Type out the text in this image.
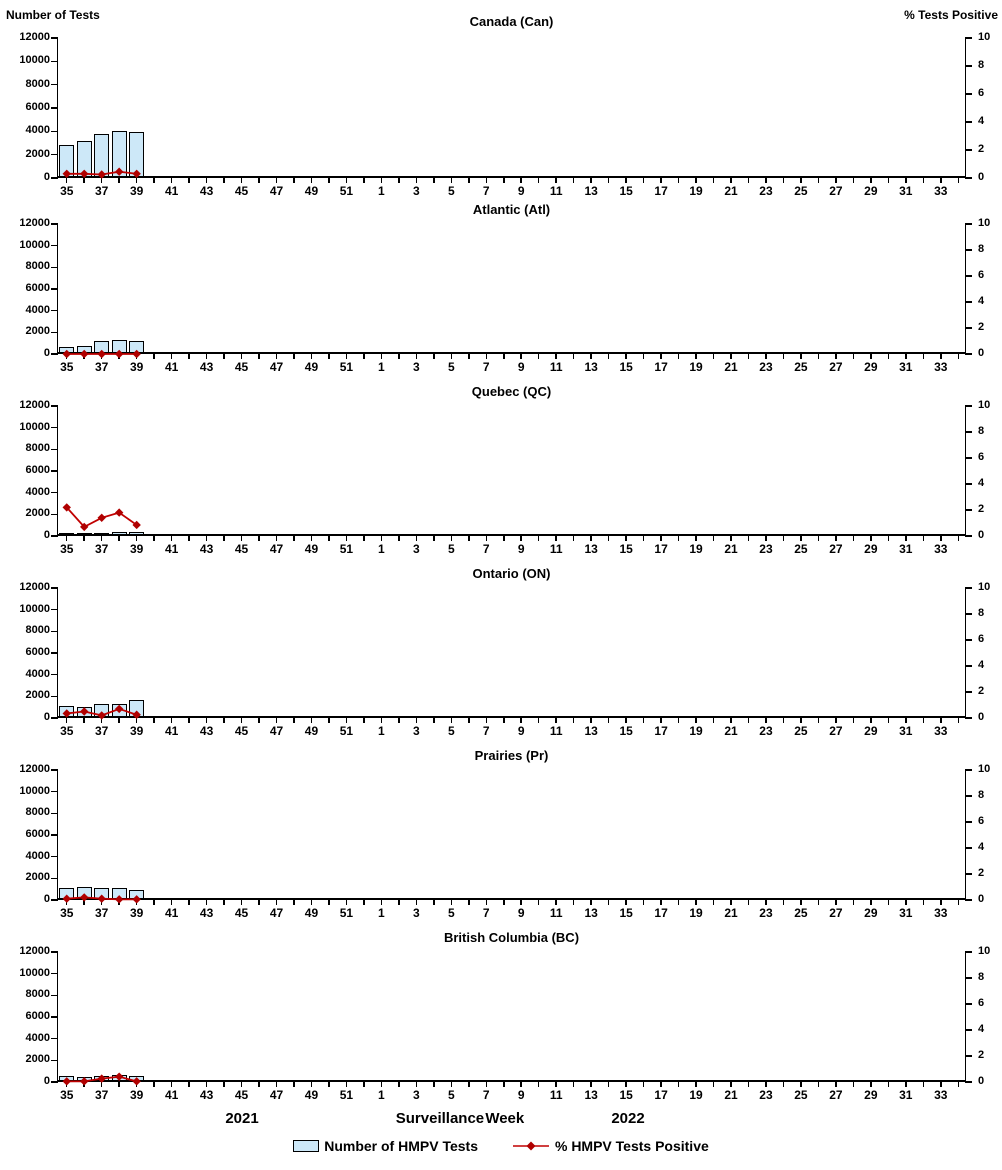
Number of Tests	% Tests Positive
Canada (Can)
0
2000
4000
6000
8000
10000
12000
0
2
4
6
8
10
35	37	39	41	43	45	47	49	51	1	3	5	7	9	11	13	15	17	19	21	23	25	27	29	31	33
Atlantic (Atl)
0
2000
4000
6000
8000
10000
12000
0
2
4
6
8
10
35	37	39	41	43	45	47	49	51	1	3	5	7	9	11	13	15	17	19	21	23	25	27	29	31	33
Quebec (QC)
0
2000
4000
6000
8000
10000
12000
0
2
4
6
8
10
35	37	39	41	43	45	47	49	51	1	3	5	7	9	11	13	15	17	19	21	23	25	27	29	31	33
Ontario (ON)
0
2000
4000
6000
8000
10000
12000
0
2
4
6
8
10
35	37	39	41	43	45	47	49	51	1	3	5	7	9	11	13	15	17	19	21	23	25	27	29	31	33
Prairies (Pr)
0
2000
4000
6000
8000
10000
12000
0
2
4
6
8
10
35	37	39	41	43	45	47	49	51	1	3	5	7	9	11	13	15	17	19	21	23	25	27	29	31	33
British Columbia (BC)
0
2000
4000
6000
8000
10000
12000
0
2
4
6
8
10
35	37	39	41	43	45	47	49	51	1	3	5	7	9	11	13	15	17	19	21	23	25	27	29	31	33
2021	Surveillance Week	2022
Number of HMPV Tests	% HMPV Tests Positive
